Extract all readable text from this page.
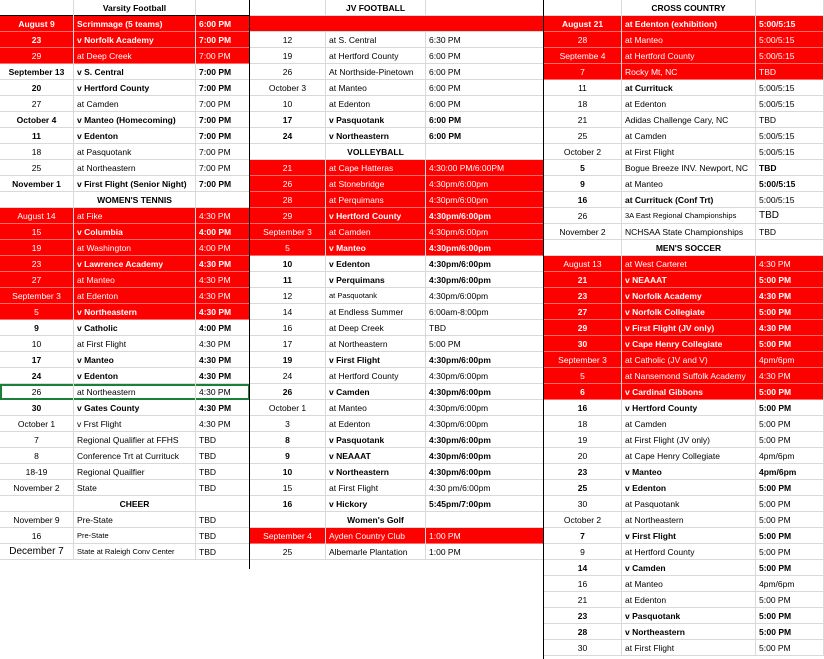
Varsity Football
WOMEN'S TENNIS
CHEER
August 9	Scrimmage (5 teams)	6:00 PM
23	v Norfolk Academy	7:00 PM
29	at Deep Creek	7:00 PM
September 13	v S. Central	7:00 PM
20	v Hertford County	7:00 PM
27	at Camden	7:00 PM
October 4	v Manteo (Homecoming)	7:00 PM
11	v Edenton	7:00 PM
18	at Pasquotank	7:00 PM
25	at Northeastern	7:00 PM
November 1	v First Flight (Senior Night)	7:00 PM
August 14	at Fike	4:30 PM
15	v Columbia	4:00 PM
19	at Washington	4:00 PM
23	v Lawrence Academy	4:30 PM
27	at Manteo	4:30 PM
September 3	at Edenton	4:30 PM
5	v Northeastern	4:30 PM
9	v Catholic	4:00 PM
10	at First Flight	4:30 PM
17	v Manteo	4:30 PM
24	v Edenton	4:30 PM
26	at Northeastern	4:30 PM
30	v Gates County	4:30 PM
October 1	v Frst Flight	4:30 PM
7	Regional Qualifier at FFHS	TBD
8	Conference Trt at Currituck	TBD
18-19	Regional Quailfier	TBD
November 2	State	TBD
November 9	Pre-State	TBD
16	Pre-State	TBD
December 7	State at Raleigh Conv Center	TBD
JV FOOTBALL
VOLLEYBALL
Women's Golf
12	at S. Central	6:30 PM
19	at Hertford County	6:00 PM
26	At Northside-Pinetown	6:00 PM
October 3	at Manteo	6:00 PM
10	at Edenton	6:00 PM
17	v Pasquotank	6:00 PM
24	v Northeastern	6:00 PM
21	at Cape Hatteras	4:30:00 PM/6:00PM
26	at Stonebridge	4:30pm/6:00pm
28	at Perquimans	4:30pm/6:00pm
29	v Hertford County	4:30pm/6:00pm
September 3	at Camden	4:30pm/6:00pm
5	v Manteo	4:30pm/6:00pm
10	v Edenton	4:30pm/6:00pm
11	v Perquimans	4:30pm/6:00pm
12	at Pasquotank	4:30pm/6:00pm
14	at Endless Summer	6:00am-8:00pm
16	at Deep Creek	TBD
17	at Northeastern	5:00 PM
19	v First Flight	4:30pm/6:00pm
24	at Hertford County	4:30pm/6:00pm
26	v Camden	4:30pm/6:00pm
October 1	at Manteo	4:30pm/6:00pm
3	at Edenton	4:30pm/6:00pm
8	v Pasquotank	4:30pm/6:00pm
9	v NEAAAT	4:30pm/6:00pm
10	v Northeastern	4:30pm/6:00pm
15	at First Flight	4:30 pm/6:00pm
16	v Hickory	5:45pm/7:00pm
September 4	Ayden Country Club	1:00 PM
25	Albemarle Plantation	1:00 PM
CROSS COUNTRY
MEN'S SOCCER
August 21	at Edenton (exhibition)	5:00/5:15
28	at Manteo	5:00/5:15
Septembe 4	at Hertford County	5:00/5:15
7	Rocky Mt, NC	TBD
11	at Currituck	5:00/5:15
18	at Edenton	5:00/5:15
21	Adidas Challenge Cary, NC	TBD
25	at Camden	5:00/5:15
October 2	at First Flight	5:00/5:15
5	Bogue Breeze INV. Newport, NC	TBD
9	at Manteo	5:00/5:15
16	at Currituck (Conf Trt)	5:00/5:15
26	3A East Regional Championships	TBD
November 2	NCHSAA State Championships	TBD
August 13	at West Carteret	4:30 PM
21	v NEAAAT	5:00 PM
23	v Norfolk Academy	4:30 PM
27	v Norfolk Collegiate	5:00 PM
29	v First Flight (JV only)	4:30 PM
30	v Cape Henry Collegiate	5:00 PM
September 3	at Catholic (JV and V)	4pm/6pm
5	at Nansemond Suffolk Academy	4:30 PM
6	v Cardinal Gibbons	5:00 PM
16	v Hertford County	5:00 PM
18	at Camden	5:00 PM
19	at First Flight (JV only)	5:00 PM
20	at Cape Henry Collegiate	4pm/6pm
23	v Manteo	4pm/6pm
25	v Edenton	5:00 PM
30	at Pasquotank	5:00 PM
October 2	at Northeastern	5:00 PM
7	v First Flight	5:00 PM
9	at Hertford County	5:00 PM
14	v Camden	5:00 PM
16	at Manteo	4pm/6pm
21	at Edenton	5:00 PM
23	v Pasquotank	5:00 PM
28	v Northeastern	5:00 PM
30	at First Flight	5:00 PM
